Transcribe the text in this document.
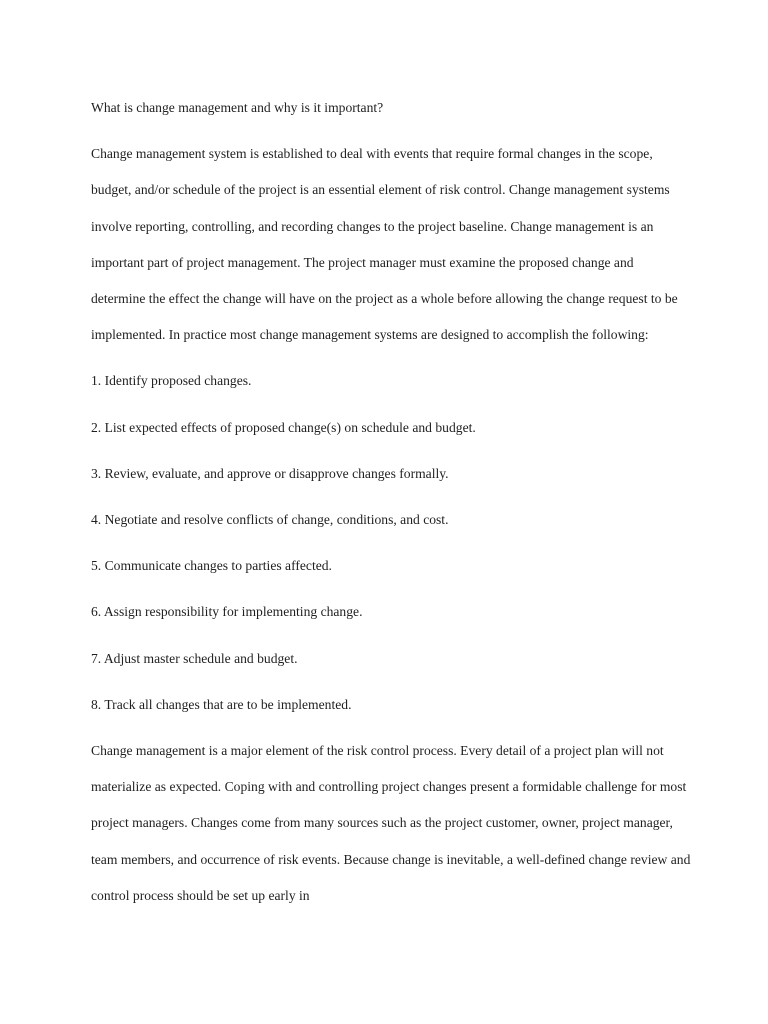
What is change management and why is it important?

Change management system is established to deal with events that require formal changes in the scope, budget, and/or schedule of the project is an essential element of risk control. Change management systems involve reporting, controlling, and recording changes to the project baseline. Change management is an important part of project management. The project manager must examine the proposed change and determine the effect the change will have on the project as a whole before allowing the change request to be implemented. In practice most change management systems are designed to accomplish the following:

1. Identify proposed changes.
2. List expected effects of proposed change(s) on schedule and budget.
3. Review, evaluate, and approve or disapprove changes formally.
4. Negotiate and resolve conflicts of change, conditions, and cost.
5. Communicate changes to parties affected.
6. Assign responsibility for implementing change.
7. Adjust master schedule and budget.
8. Track all changes that are to be implemented.

Change management is a major element of the risk control process. Every detail of a project plan will not materialize as expected. Coping with and controlling project changes present a formidable challenge for most project managers. Changes come from many sources such as the project customer, owner, project manager, team members, and occurrence of risk events. Because change is inevitable, a well-defined change review and control process should be set up early in
